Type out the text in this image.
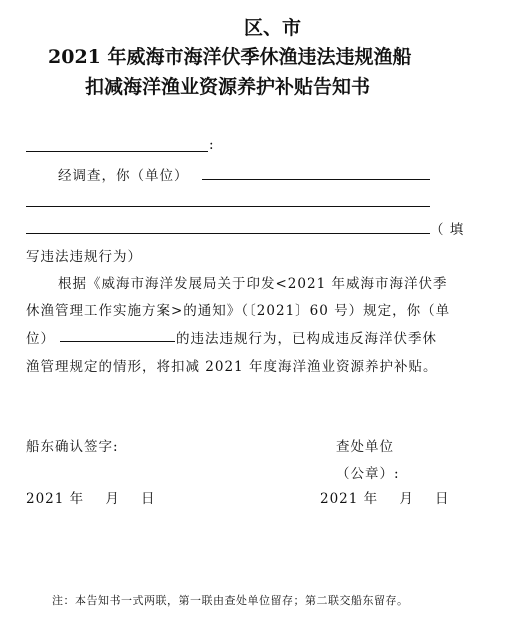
区、市
2021 年威海市海洋伏季休渔违法违规渔船
扣减海洋渔业资源养护补贴告知书
:
经调查，你（单位）
（ 填
写违法违规行为）
根据《威海市海洋发展局关于印发<2021 年威海市海洋伏季
休渔管理工作实施方案>的通知》（〔2021〕60 号）规定，你（单
位）	的违法违规行为，已构成违反海洋伏季休
渔管理规定的情形，将扣减 2021 年度海洋渔业资源养护补贴。
船东确认签字:	查处单位
（公章）:
2021 年    月    日	2021 年    月    日
注：本告知书一式两联，第一联由查处单位留存；第二联交船东留存。
